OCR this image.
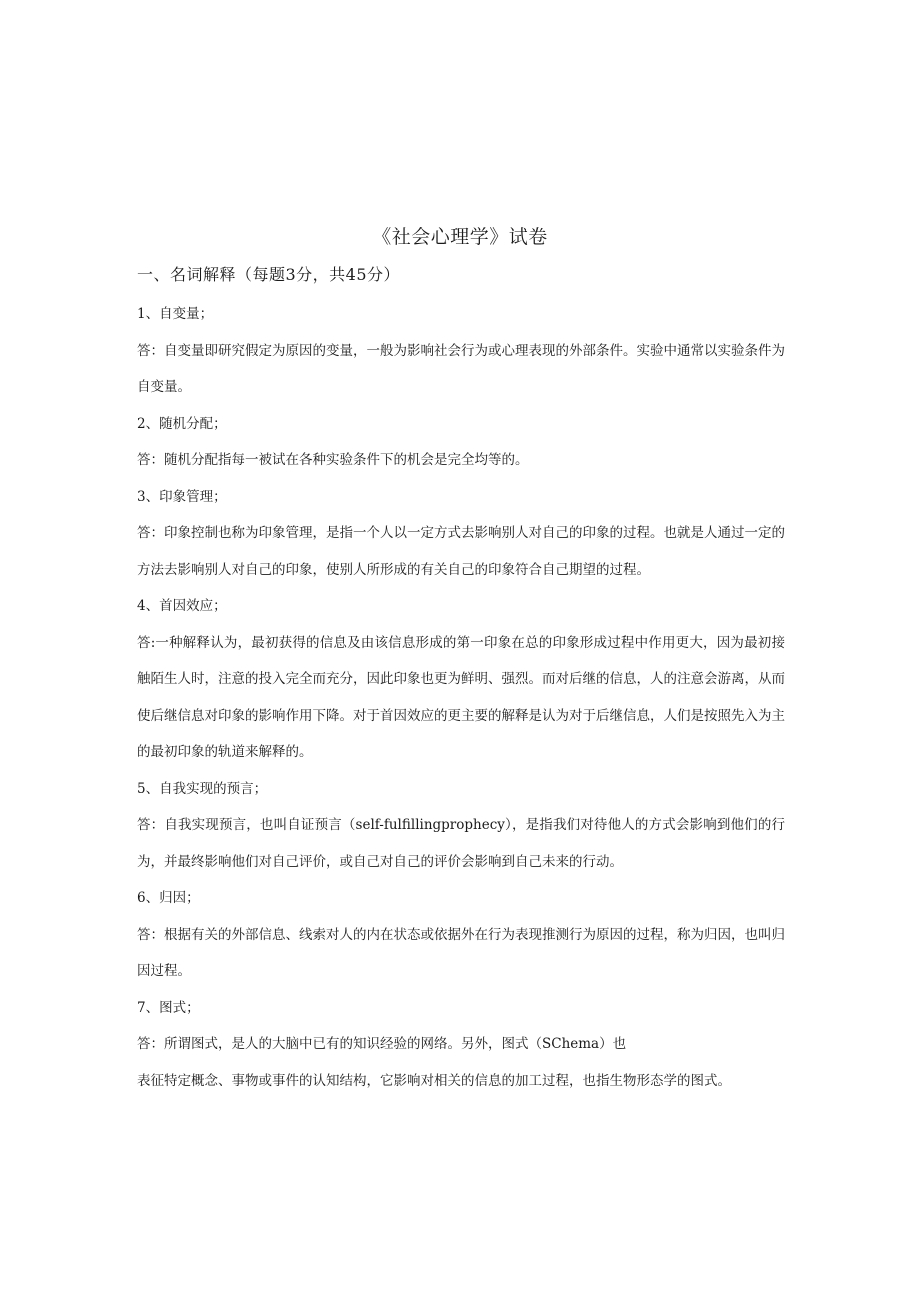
《社会心理学》试卷
一、名词解释（每题3分，共45分）

1、自变量；

答：自变量即研究假定为原因的变量，一般为影响社会行为或心理表现的外部条件。实验中通常以实验条件为自变量。

2、随机分配；

答：随机分配指每一被试在各种实验条件下的机会是完全均等的。

3、印象管理；

答：印象控制也称为印象管理，是指一个人以一定方式去影响别人对自己的印象的过程。也就是人通过一定的方法去影响别人对自己的印象，使别人所形成的有关自己的印象符合自己期望的过程。

4、首因效应；

答:一种解释认为，最初获得的信息及由该信息形成的第一印象在总的印象形成过程中作用更大，因为最初接触陌生人时，注意的投入完全而充分，因此印象也更为鲜明、强烈。而对后继的信息，人的注意会游离，从而使后继信息对印象的影响作用下降。对于首因效应的更主要的解释是认为对于后继信息，人们是按照先入为主的最初印象的轨道来解释的。

5、自我实现的预言；

答：自我实现预言，也叫自证预言（self-fulfillingprophecy），是指我们对待他人的方式会影响到他们的行为，并最终影响他们对自己评价，或自己对自己的评价会影响到自己未来的行动。

6、归因；

答：根据有关的外部信息、线索对人的内在状态或依据外在行为表现推测行为原因的过程，称为归因，也叫归因过程。

7、图式；

答：所谓图式，是人的大脑中已有的知识经验的网络。另外，图式（SChema）也

表征特定概念、事物或事件的认知结构，它影响对相关的信息的加工过程，也指生物形态学的图式。
